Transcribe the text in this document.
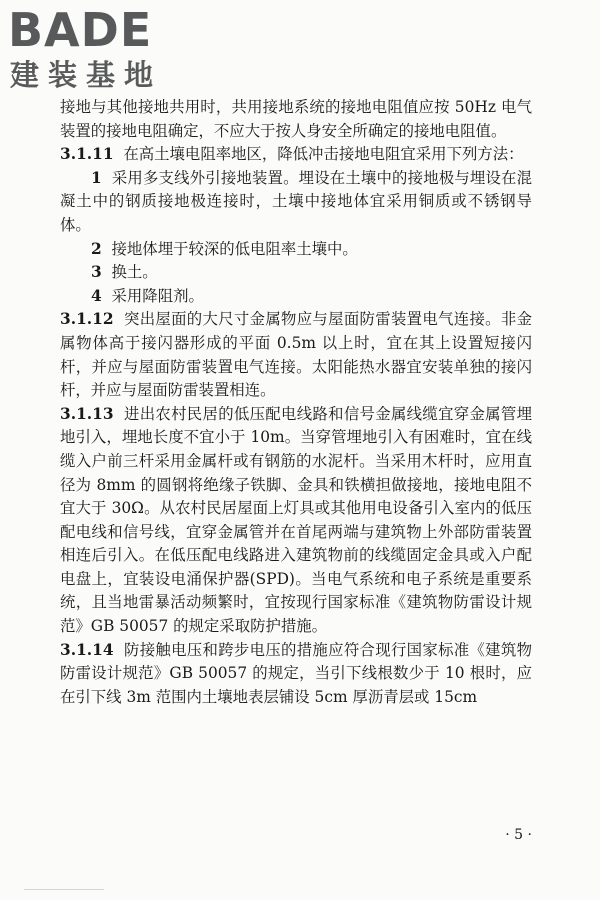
BADE
建装基地

接地与其他接地共用时，共用接地系统的接地电阻值应按 50Hz 电气装置的接地电阻确定，不应大于按人身安全所确定的接地电阻值。

3.1.11 在高土壤电阻率地区，降低冲击接地电阻宜采用下列方法：

1 采用多支线外引接地装置。埋设在土壤中的接地极与埋设在混凝土中的钢质接地极连接时，土壤中接地体宜采用铜质或不锈钢导体。

2 接地体埋于较深的低电阻率土壤中。

3 换土。

4 采用降阻剂。

3.1.12 突出屋面的大尺寸金属物应与屋面防雷装置电气连接。非金属物体高于接闪器形成的平面 0.5m 以上时，宜在其上设置短接闪杆，并应与屋面防雷装置电气连接。太阳能热水器宜安装单独的接闪杆，并应与屋面防雷装置相连。

3.1.13 进出农村民居的低压配电线路和信号金属线缆宜穿金属管埋地引入，埋地长度不宜小于 10m。当穿管埋地引入有困难时，宜在线缆入户前三杆采用金属杆或有钢筋的水泥杆。当采用木杆时，应用直径为 8mm 的圆钢将绝缘子铁脚、金具和铁横担做接地，接地电阻不宜大于 30Ω。从农村民居屋面上灯具或其他用电设备引入室内的低压配电线和信号线，宜穿金属管并在首尾两端与建筑物上外部防雷装置相连后引入。在低压配电线路进入建筑物前的线缆固定金具或入户配电盘上，宜装设电涌保护器(SPD)。当电气系统和电子系统是重要系统，且当地雷暴活动频繁时，宜按现行国家标准《建筑物防雷设计规范》GB 50057 的规定采取防护措施。

3.1.14 防接触电压和跨步电压的措施应符合现行国家标准《建筑物防雷设计规范》GB 50057 的规定，当引下线根数少于 10 根时，应在引下线 3m 范围内土壤地表层铺设 5cm 厚沥青层或 15cm

· 5 ·
